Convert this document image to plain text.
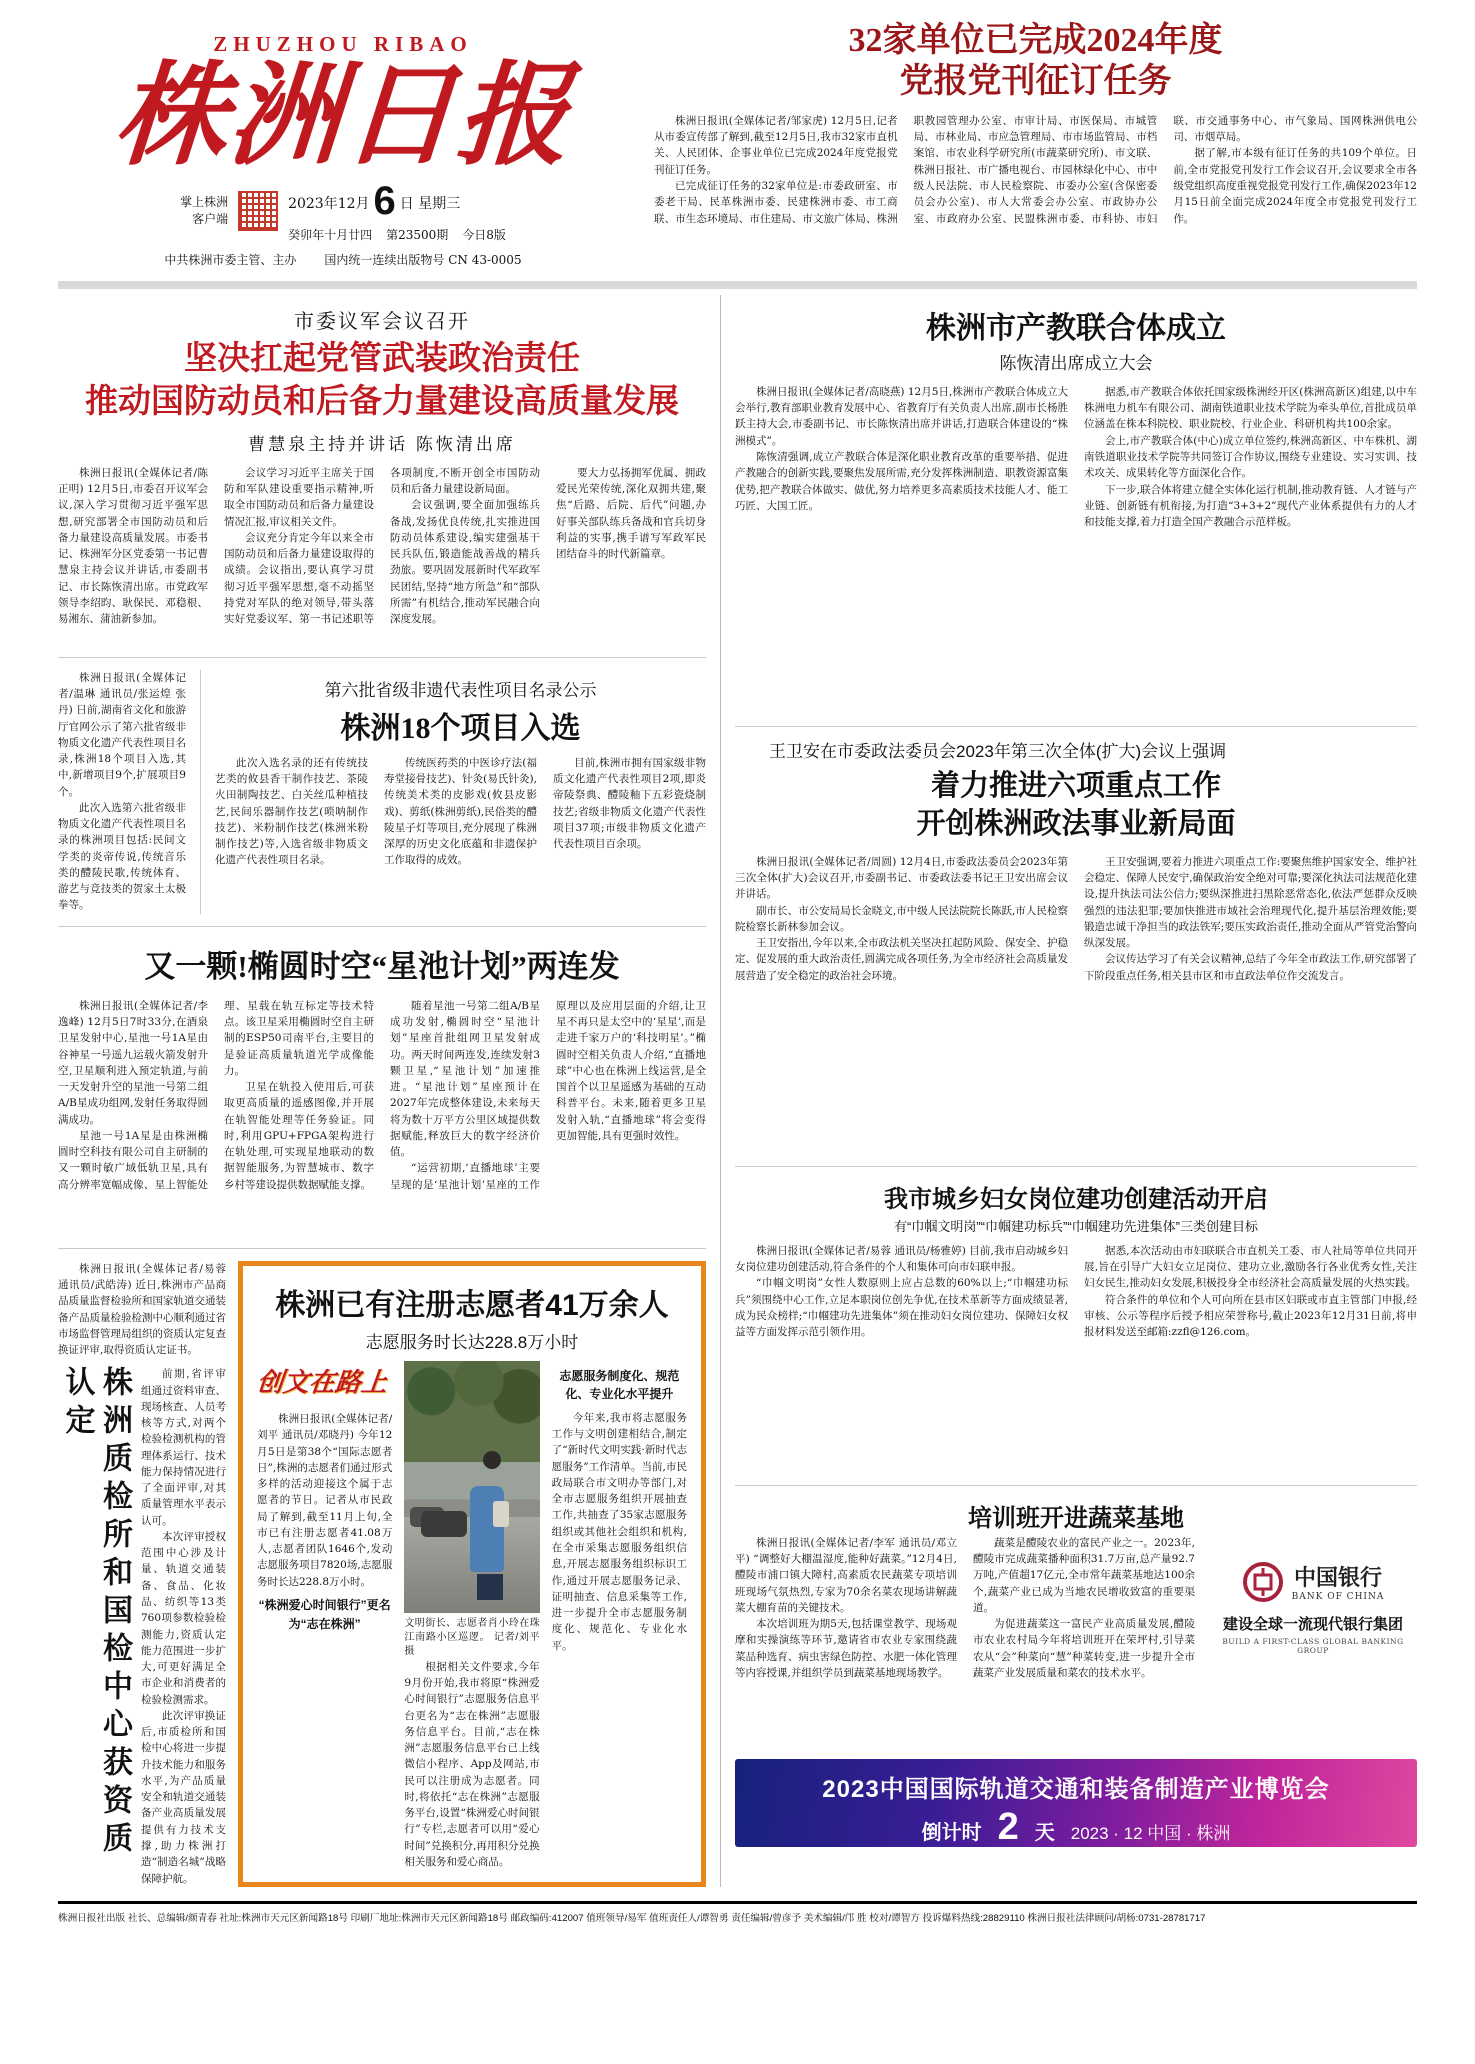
ZHUZHOU RIBAO
株洲日报
掌上株洲
客户端
2023年12月 6 日 星期三
癸卯年十月廿四 第23500期 今日8版
中共株洲市委主管、主办 国内统一连续出版物号 CN 43-0005
32家单位已完成2024年度
党报党刊征订任务

株洲日报讯(全媒体记者/邹家虎) 12月5日,记者从市委宣传部了解到,截至12月5日,我市32家市直机关、人民团体、企事业单位已完成2024年度党报党刊征订任务。

已完成征订任务的32家单位是:市委政研室、市委老干局、民革株洲市委、民建株洲市委、市工商联、市生态环境局、市住建局、市文旅广体局、株洲职教园管理办公室、市审计局、市医保局、市城管局、市林业局、市应急管理局、市市场监管局、市档案馆、市农业科学研究所(市蔬菜研究所)、市文联、株洲日报社、市广播电视台、市园林绿化中心、市中级人民法院、市人民检察院、市委办公室(含保密委员会办公室)、市人大常委会办公室、市政协办公室、市政府办公室、民盟株洲市委、市科协、市妇联、市交通事务中心、市气象局、国网株洲供电公司、市烟草局。

据了解,市本级有征订任务的共109个单位。日前,全市党报党刊发行工作会议召开,会议要求全市各级党组织高度重视党报党刊发行工作,确保2023年12月15日前全面完成2024年度全市党报党刊发行工作。

市委议军会议召开
坚决扛起党管武装政治责任
推动国防动员和后备力量建设高质量发展
曹慧泉主持并讲话 陈恢清出席

株洲日报讯(全媒体记者/陈正明) 12月5日,市委召开议军会议,深入学习贯彻习近平强军思想,研究部署全市国防动员和后备力量建设高质量发展。市委书记、株洲军分区党委第一书记曹慧泉主持会议并讲话,市委副书记、市长陈恢清出席。市党政军领导李绍昀、耿保民、邓稳根、易湘东、蒲油新参加。

会议学习习近平主席关于国防和军队建设重要指示精神,听取全市国防动员和后备力量建设情况汇报,审议相关文件。

会议充分肯定今年以来全市国防动员和后备力量建设取得的成绩。会议指出,要认真学习贯彻习近平强军思想,毫不动摇坚持党对军队的绝对领导,带头落实好党委议军、第一书记述职等各项制度,不断开创全市国防动员和后备力量建设新局面。

会议强调,要全面加强练兵备战,发扬优良传统,扎实推进国防动员体系建设,编实建强基干民兵队伍,锻造能战善战的精兵劲旅。要巩固发展新时代军政军民团结,坚持“地方所急”和“部队所需”有机结合,推动军民融合向深度发展。

要大力弘扬拥军优属、拥政爱民光荣传统,深化双拥共建,聚焦“后路、后院、后代”问题,办好事关部队练兵备战和官兵切身利益的实事,携手谱写军政军民团结奋斗的时代新篇章。

株洲日报讯(全媒体记者/温琳 通讯员/张运煌 张丹) 日前,湖南省文化和旅游厅官网公示了第六批省级非物质文化遗产代表性项目名录,株洲18个项目入选,其中,新增项目9个,扩展项目9个。

此次入选第六批省级非物质文化遗产代表性项目名录的株洲项目包括:民间文学类的炎帝传说,传统音乐类的醴陵民歌,传统体育、游艺与竞技类的贺家土太极拳等。

第六批省级非遗代表性项目名录公示
株洲18个项目入选

此次入选名录的还有传统技艺类的攸县香干制作技艺、茶陵火田制陶技艺、白关丝瓜种植技艺,民间乐器制作技艺(唢呐制作技艺)、米粉制作技艺(株洲米粉制作技艺)等,入选省级非物质文化遗产代表性项目名录。

传统医药类的中医诊疗法(福寿堂接骨技艺)、针灸(易氏针灸),传统美术类的皮影戏(攸县皮影戏)、剪纸(株洲剪纸),民俗类的醴陵星子灯等项目,充分展现了株洲深厚的历史文化底蕴和非遗保护工作取得的成效。

目前,株洲市拥有国家级非物质文化遗产代表性项目2项,即炎帝陵祭典、醴陵釉下五彩瓷烧制技艺;省级非物质文化遗产代表性项目37项;市级非物质文化遗产代表性项目百余项。

又一颗!椭圆时空“星池计划”两连发

株洲日报讯(全媒体记者/李逸峰) 12月5日7时33分,在酒泉卫星发射中心,星池一号1A星由谷神星一号遥九运载火箭发射升空,卫星顺利进入预定轨道,与前一天发射升空的星池一号第二组A/B星成功组网,发射任务取得圆满成功。

星池一号1A星是由株洲椭圆时空科技有限公司自主研制的又一颗时敏广域低轨卫星,具有高分辨率宽幅成像、星上智能处理、星载在轨互标定等技术特点。该卫星采用椭圆时空自主研制的ESP50司南平台,主要目的是验证高质量轨道光学成像能力。

卫星在轨投入使用后,可获取更高质量的遥感图像,并开展在轨智能处理等任务验证。同时,利用GPU+FPGA架构进行在轨处理,可实现星地联动的数据智能服务,为智慧城市、数字乡村等建设提供数据赋能支撑。

随着星池一号第二组A/B星成功发射,椭圆时空“星池计划”星座首批组网卫星发射成功。两天时间两连发,连续发射3颗卫星,“星池计划”加速推进。“星池计划”星座预计在2027年完成整体建设,未来每天将为数十万平方公里区域提供数据赋能,释放巨大的数字经济价值。

“运营初期,‘直播地球’主要呈现的是‘星池计划’星座的工作原理以及应用层面的介绍,让卫星不再只是太空中的‘星星’,而是走进千家万户的‘科技明星’。”椭圆时空相关负责人介绍,“直播地球”中心也在株洲上线运营,是全国首个以卫星遥感为基础的互动科普平台。未来,随着更多卫星发射入轨,“直播地球”将会变得更加智能,具有更强时效性。

株洲日报讯(全媒体记者/易蓉 通讯员/武皓涛) 近日,株洲市产品商品质量监督检验所和国家轨道交通装备产品质量检验检测中心顺利通过省市场监督管理局组织的资质认定复查换证评审,取得资质认定证书。

株洲质检所和国检中心获资质认定	前期,省评审组通过资料审查、现场核查、人员考核等方式,对两个检验检测机构的管理体系运行、技术能力保持情况进行了全面评审,对其质量管理水平表示认可。

本次评审授权范围中心涉及计量、轨道交通装备、食品、化妆品、纺织等13类760项参数检验检测能力,资质认定能力范围进一步扩大,可更好满足全市企业和消费者的检验检测需求。

此次评审换证后,市质检所和国检中心将进一步提升技术能力和服务水平,为产品质量安全和轨道交通装备产业高质量发展提供有力技术支撑,助力株洲打造“制造名城”战略保障护航。

株洲已有注册志愿者41万余人
志愿服务时长达228.8万小时
创文在路上

株洲日报讯(全媒体记者/刘平 通讯员/邓晓丹) 今年12月5日是第38个“国际志愿者日”,株洲的志愿者们通过形式多样的活动迎接这个属于志愿者的节日。记者从市民政局了解到,截至11月上旬,全市已有注册志愿者41.08万人,志愿者团队1646个,发动志愿服务项目7820场,志愿服务时长达228.8万小时。

“株洲爱心时间银行”更名为“志在株洲”	文明街长、志愿者肖小玲在珠江南路小区巡逻。 记者/刘平 摄

根据相关文件要求,今年9月份开始,我市将原“株洲爱心时间银行”志愿服务信息平台更名为“志在株洲”志愿服务信息平台。目前,“志在株洲”志愿服务信息平台已上线微信小程序、App及网站,市民可以注册成为志愿者。同时,将依托“志在株洲”志愿服务平台,设置“株洲爱心时间银行”专栏,志愿者可以用“爱心时间”兑换积分,再用积分兑换相关服务和爱心商品。

志愿服务制度化、规范化、专业化水平提升

今年来,我市将志愿服务工作与文明创建相结合,制定了“新时代文明实践·新时代志愿服务”工作清单。当前,市民政局联合市文明办等部门,对全市志愿服务组织开展抽查工作,共抽查了35家志愿服务组织或其他社会组织和机构,在全市采集志愿服务组织信息,开展志愿服务组织标识工作,通过开展志愿服务记录、证明抽查、信息采集等工作,进一步提升全市志愿服务制度化、规范化、专业化水平。

株洲市产教联合体成立
陈恢清出席成立大会

株洲日报讯(全媒体记者/高晓燕) 12月5日,株洲市产教联合体成立大会举行,教育部职业教育发展中心、省教育厅有关负责人出席,副市长杨胜跃主持大会,市委副书记、市长陈恢清出席并讲话,打造联合体建设的“株洲模式”。

陈恢清强调,成立产教联合体是深化职业教育改革的重要举措、促进产教融合的创新实践,要聚焦发展所需,充分发挥株洲制造、职教资源富集优势,把产教联合体做实、做优,努力培养更多高素质技术技能人才、能工巧匠、大国工匠。

据悉,市产教联合体依托国家级株洲经开区(株洲高新区)组建,以中车株洲电力机车有限公司、湖南铁道职业技术学院为牵头单位,首批成员单位涵盖在株本科院校、职业院校、行业企业、科研机构共100余家。

会上,市产教联合体(中心)成立单位签约,株洲高新区、中车株机、湖南铁道职业技术学院等共同签订合作协议,围绕专业建设、实习实训、技术攻关、成果转化等方面深化合作。

下一步,联合体将建立健全实体化运行机制,推动教育链、人才链与产业链、创新链有机衔接,为打造“3+3+2”现代产业体系提供有力的人才和技能支撑,着力打造全国产教融合示范样板。

王卫安在市委政法委员会2023年第三次全体(扩大)会议上强调
着力推进六项重点工作
开创株洲政法事业新局面

株洲日报讯(全媒体记者/周圆) 12月4日,市委政法委员会2023年第三次全体(扩大)会议召开,市委副书记、市委政法委书记王卫安出席会议并讲话。

副市长、市公安局局长金晓文,市中级人民法院院长陈跃,市人民检察院检察长新林参加会议。

王卫安指出,今年以来,全市政法机关坚决扛起防风险、保安全、护稳定、促发展的重大政治责任,圆满完成各项任务,为全市经济社会高质量发展营造了安全稳定的政治社会环境。

王卫安强调,要着力推进六项重点工作:要聚焦维护国家安全、维护社会稳定、保障人民安宁,确保政治安全绝对可靠;要深化执法司法规范化建设,提升执法司法公信力;要纵深推进扫黑除恶常态化,依法严惩群众反映强烈的违法犯罪;要加快推进市域社会治理现代化,提升基层治理效能;要锻造忠诚干净担当的政法铁军;要压实政治责任,推动全面从严管党治警向纵深发展。

会议传达学习了有关会议精神,总结了今年全市政法工作,研究部署了下阶段重点任务,相关县市区和市直政法单位作交流发言。

我市城乡妇女岗位建功创建活动开启
有“巾帼文明岗”“巾帼建功标兵”“巾帼建功先进集体”三类创建目标

株洲日报讯(全媒体记者/易蓉 通讯员/杨雅婷) 目前,我市启动城乡妇女岗位建功创建活动,符合条件的个人和集体可向市妇联申报。

“巾帼文明岗”女性人数原则上应占总数的60%以上;“巾帼建功标兵”须围绕中心工作,立足本职岗位创先争优,在技术革新等方面成绩显著,成为民众榜样;“巾帼建功先进集体”须在推动妇女岗位建功、保障妇女权益等方面发挥示范引领作用。

据悉,本次活动由市妇联联合市直机关工委、市人社局等单位共同开展,旨在引导广大妇女立足岗位、建功立业,激励各行各业优秀女性,关注妇女民生,推动妇女发展,积极投身全市经济社会高质量发展的火热实践。

符合条件的单位和个人可向所在县市区妇联或市直主管部门申报,经审核、公示等程序后授予相应荣誉称号,截止2023年12月31日前,将申报材料发送至邮箱:zzfl@126.com。

培训班开进蔬菜基地

株洲日报讯(全媒体记者/李军 通讯员/邓立平) “调整好大棚温湿度,能种好蔬菜。”12月4日,醴陵市浦口镇大障村,高素质农民蔬菜专项培训班现场气氛热烈,专家为70余名菜农现场讲解蔬菜大棚育苗的关键技术。

本次培训班为期5天,包括课堂教学、现场观摩和实操演练等环节,邀请省市农业专家围绕蔬菜品种选育、病虫害绿色防控、水肥一体化管理等内容授课,并组织学员到蔬菜基地现场教学。

蔬菜是醴陵农业的富民产业之一。2023年,醴陵市完成蔬菜播种面积31.7万亩,总产量92.7万吨,产值超17亿元,全市常年蔬菜基地达100余个,蔬菜产业已成为当地农民增收致富的重要渠道。

为促进蔬菜这一富民产业高质量发展,醴陵市农业农村局今年将培训班开在荣坪村,引导菜农从“会”种菜向“慧”种菜转变,进一步提升全市蔬菜产业发展质量和菜农的技术水平。

中国银行
BANK OF CHINA
建设全球一流现代银行集团
BUILD A FIRST-CLASS GLOBAL BANKING GROUP
2023中国国际轨道交通和装备制造产业博览会
倒计时 2 天 2023 · 12 中国 · 株洲
株洲日报社出版 社长、总编辑/颜青春 社址:株洲市天元区新闻路18号 印刷厂地址:株洲市天元区新闻路18号 邮政编码:412007 值班领导/易军 值班责任人/谭智勇 责任编辑/曾彦予 美术编辑/邝 胜 校对/谭智方 投诉爆料热线:28829110 株洲日报社法律顾问/胡杨:0731-28781717
